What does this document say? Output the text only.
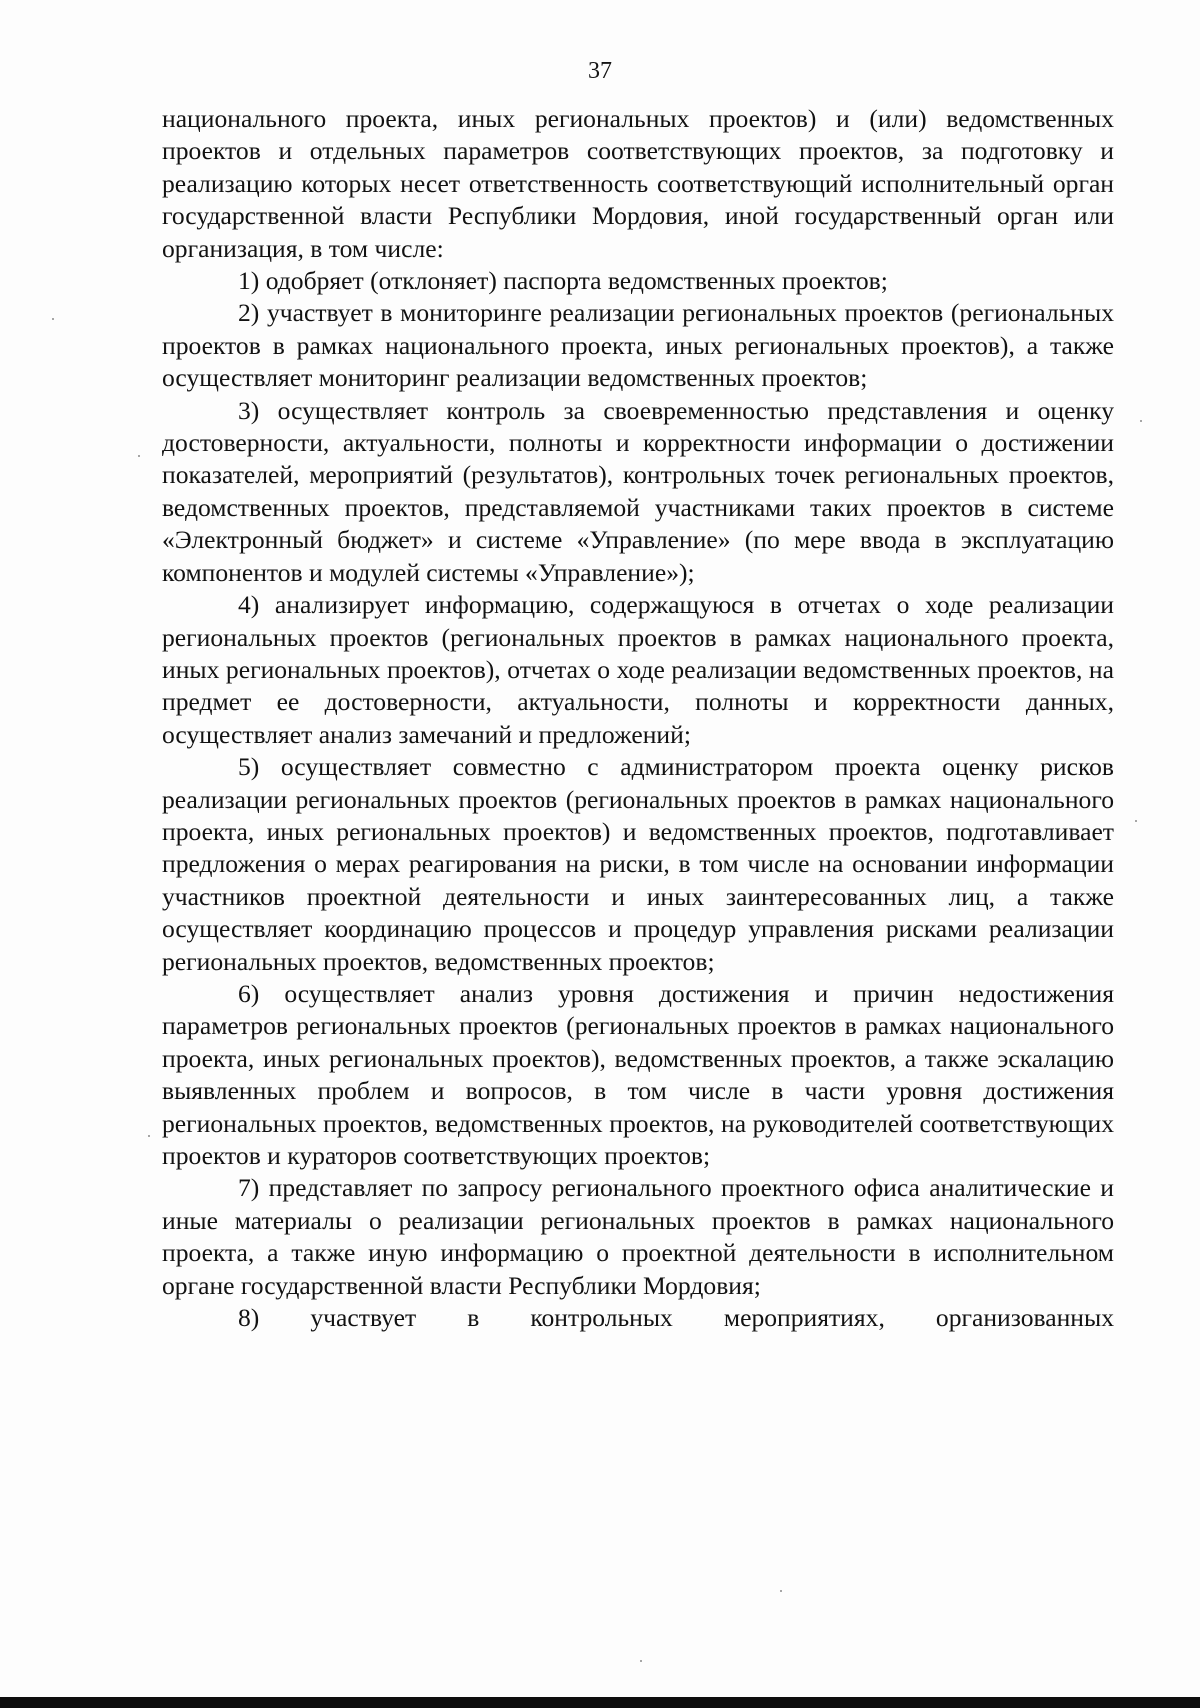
37

национального проекта, иных региональных проектов) и (или) ведомственных проектов и отдельных параметров соответствующих проектов, за подготовку и реализацию которых несет ответственность соответствующий исполнительный орган государственной власти Республики Мордовия, иной государственный орган или организация, в том числе:

1) одобряет (отклоняет) паспорта ведомственных проектов;

2) участвует в мониторинге реализации региональных проектов (региональных проектов в рамках национального проекта, иных региональных проектов), а также осуществляет мониторинг реализации ведомственных проектов;

3) осуществляет контроль за своевременностью представления и оценку достоверности, актуальности, полноты и корректности информации о достижении показателей, мероприятий (результатов), контрольных точек региональных проектов, ведомственных проектов, представляемой участниками таких проектов в системе «Электронный бюджет» и системе «Управление» (по мере ввода в эксплуатацию компонентов и модулей системы «Управление»);

4) анализирует информацию, содержащуюся в отчетах о ходе реализации региональных проектов (региональных проектов в рамках национального проекта, иных региональных проектов), отчетах о ходе реализации ведомственных проектов, на предмет ее достоверности, актуальности, полноты и корректности данных, осуществляет анализ замечаний и предложений;

5) осуществляет совместно с администратором проекта оценку рисков реализации региональных проектов (региональных проектов в рамках национального проекта, иных региональных проектов) и ведомственных проектов, подготавливает предложения о мерах реагирования на риски, в том числе на основании информации участников проектной деятельности и иных заинтересованных лиц, а также осуществляет координацию процессов и процедур управления рисками реализации региональных проектов, ведомственных проектов;

6) осуществляет анализ уровня достижения и причин недостижения параметров региональных проектов (региональных проектов в рамках национального проекта, иных региональных проектов), ведомственных проектов, а также эскалацию выявленных проблем и вопросов, в том числе в части уровня достижения региональных проектов, ведомственных проектов, на руководителей соответствующих проектов и кураторов соответствующих проектов;

7) представляет по запросу регионального проектного офиса аналитические и иные материалы о реализации региональных проектов в рамках национального проекта, а также иную информацию о проектной деятельности в исполнительном органе государственной власти Республики Мордовия;

8) участвует в контрольных мероприятиях, организованных
